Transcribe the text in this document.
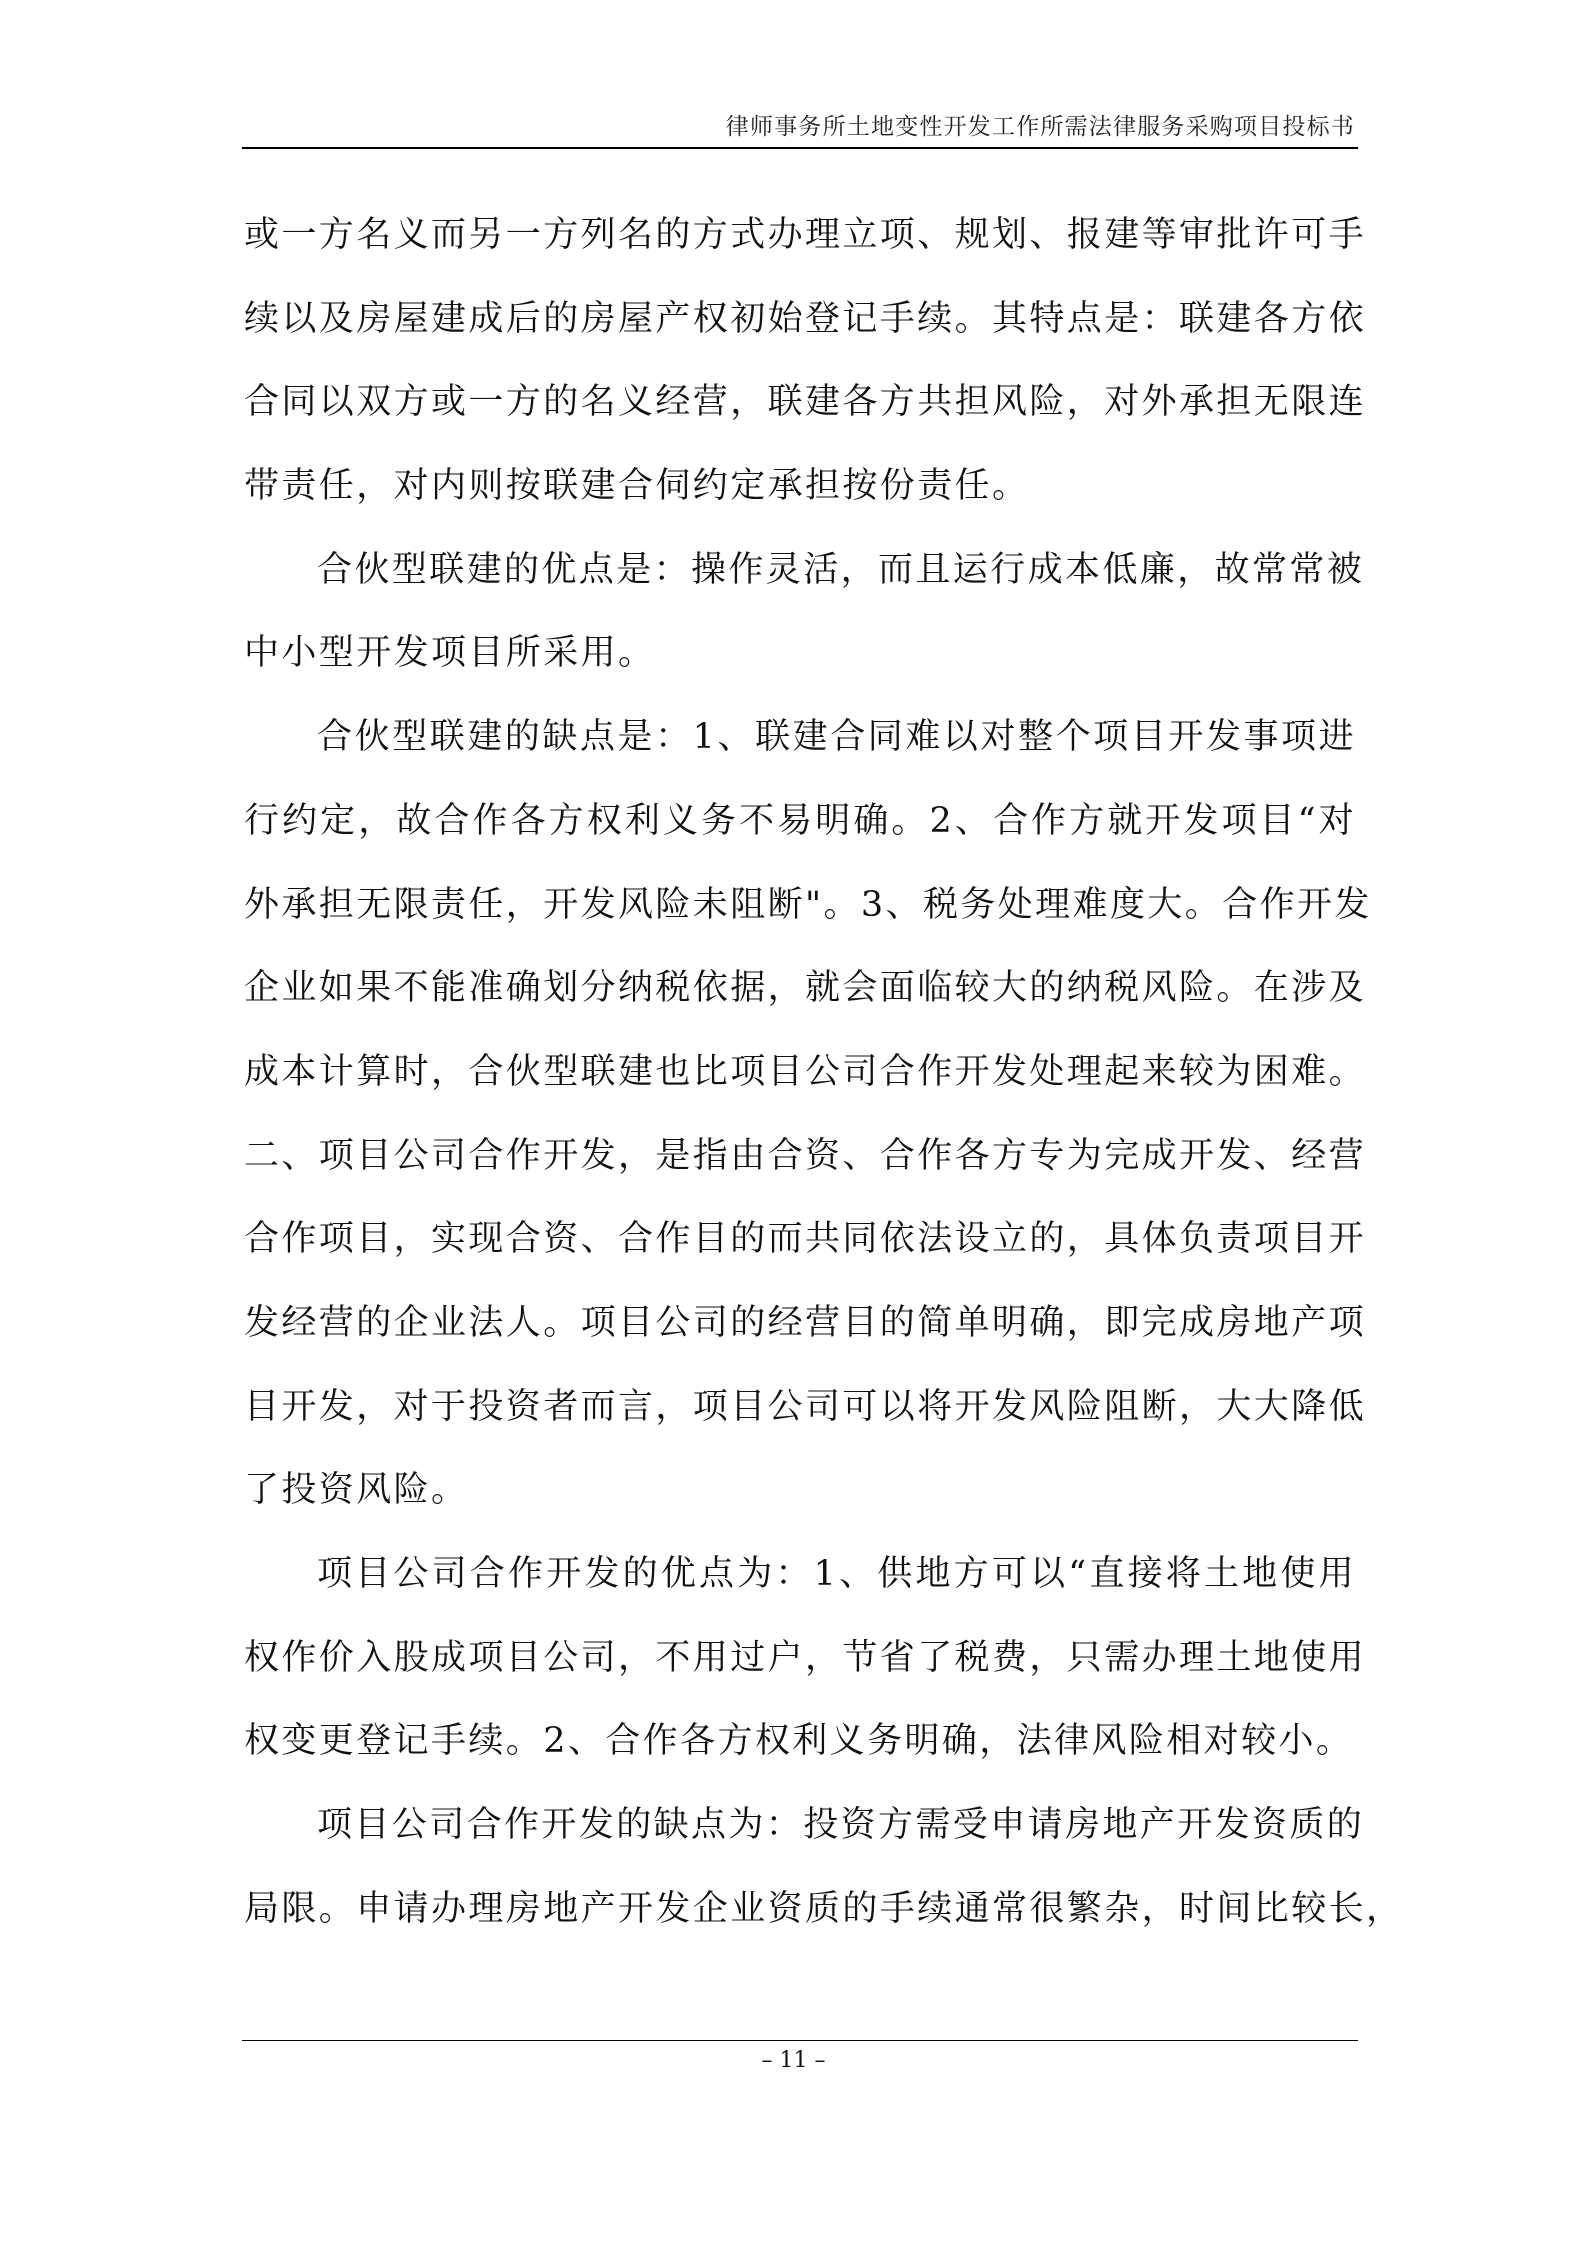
律师事务所土地变性开发工作所需法律服务采购项目投标书
或一方名义而另一方列名的方式办理立项、规划、报建等审批许可手
续以及房屋建成后的房屋产权初始登记手续。其特点是：联建各方依
合同以双方或一方的名义经营，联建各方共担风险，对外承担无限连
带责任，对内则按联建合伺约定承担按份责任。
合伙型联建的优点是：操作灵活，而且运行成本低廉，故常常被
中小型开发项目所采用。
合伙型联建的缺点是：1、联建合同难以对整个项目开发事项进
行约定，故合作各方权利义务不易明确。2、合作方就开发项目“对
外承担无限责任，开发风险未阻断"。3、税务处理难度大。合作开发
企业如果不能准确划分纳税依据，就会面临较大的纳税风险。在涉及
成本计算时，合伙型联建也比项目公司合作开发处理起来较为困难。
二、项目公司合作开发，是指由合资、合作各方专为完成开发、经营
合作项目，实现合资、合作目的而共同依法设立的，具体负责项目开
发经营的企业法人。项目公司的经营目的简单明确，即完成房地产项
目开发，对于投资者而言，项目公司可以将开发风险阻断，大大降低
了投资风险。
项目公司合作开发的优点为：1、供地方可以“直接将土地使用
权作价入股成项目公司，不用过户，节省了税费，只需办理土地使用
权变更登记手续。2、合作各方权利义务明确，法律风险相对较小。
项目公司合作开发的缺点为：投资方需受申请房地产开发资质的
局限。申请办理房地产开发企业资质的手续通常很繁杂，时间比较长，
– 11 –
